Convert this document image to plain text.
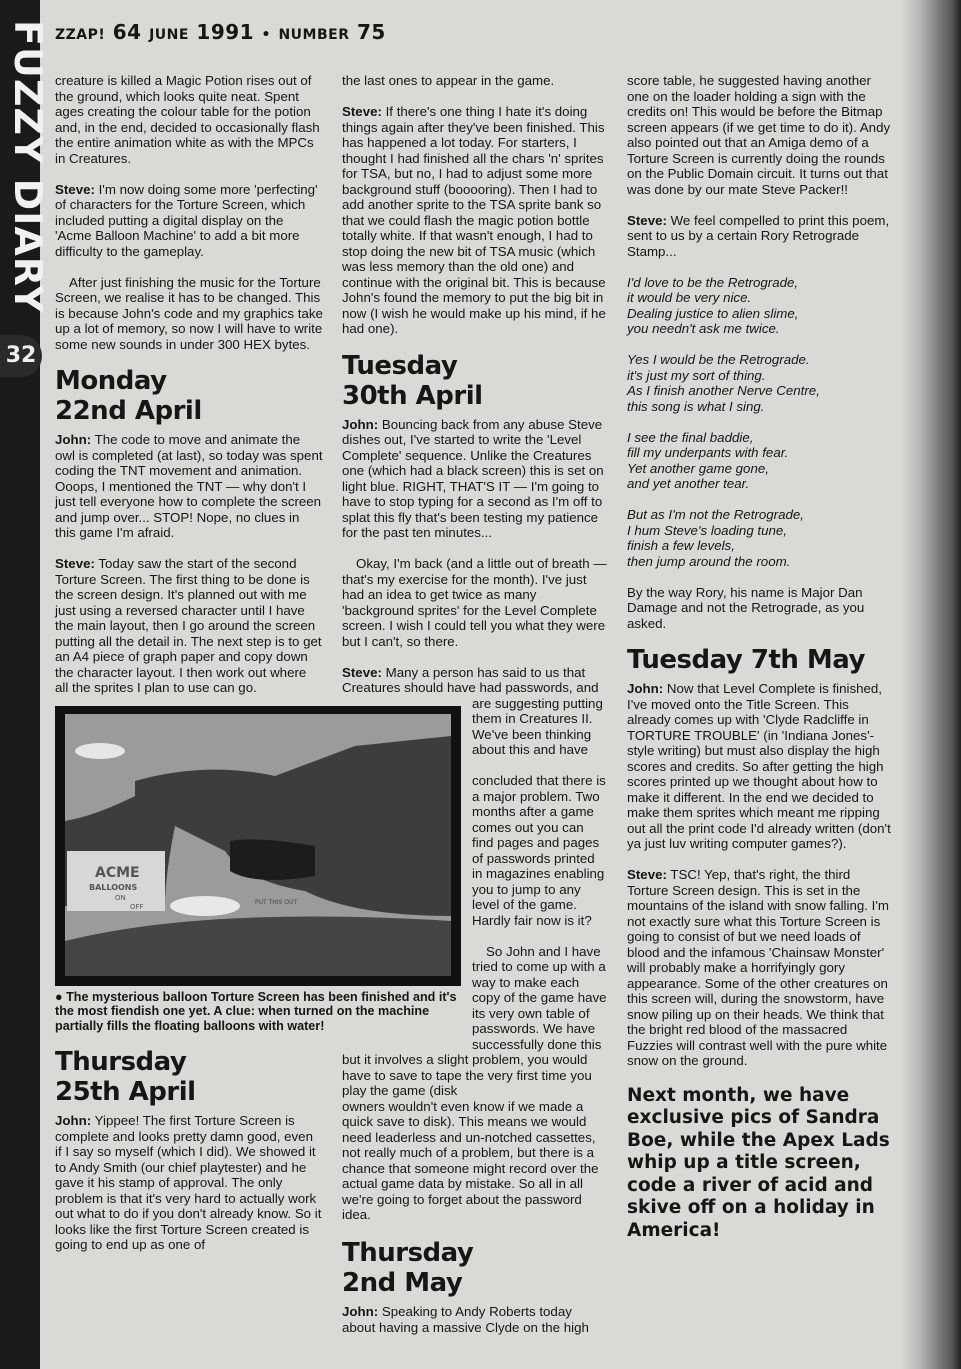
FUZZY DIARY
32
ZZAP! 64 JUNE 1991 • NUMBER 75

creature is killed a Magic Potion rises out of the ground, which looks quite neat. Spent ages creating the colour table for the potion and, in the end, decided to occasionally flash the entire animation white as with the MPCs in Creatures.

Steve: I'm now doing some more 'perfecting' of characters for the Torture Screen, which included putting a digital display on the 'Acme Balloon Machine' to add a bit more difficulty to the gameplay.

After just finishing the music for the Torture Screen, we realise it has to be changed. This is because John's code and my graphics take up a lot of memory, so now I will have to write some new sounds in under 300 HEX bytes.

Monday
22nd April

John: The code to move and animate the owl is completed (at last), so today was spent coding the TNT movement and animation. Ooops, I mentioned the TNT — why don't I just tell everyone how to complete the screen and jump over... STOP! Nope, no clues in this game I'm afraid.

Steve: Today saw the start of the second Torture Screen. The first thing to be done is the screen design. It's planned out with me just using a reversed character until I have the main layout, then I go around the screen putting all the detail in. The next step is to get an A4 piece of graph paper and copy down the character layout. I then work out where all the sprites I plan to use can go.

ACME
BALLOONS
ON
OFF
PUT THIS OUT
● The mysterious balloon Torture Screen has been finished and it's the most fiendish one yet. A clue: when turned on the machine partially fills the floating balloons with water!
Thursday
25th April

John: Yippee! The first Torture Screen is complete and looks pretty damn good, even if I say so myself (which I did). We showed it to Andy Smith (our chief playtester) and he gave it his stamp of approval. The only problem is that it's very hard to actually work out what to do if you don't already know. So it looks like the first Torture Screen created is going to end up as one of

the last ones to appear in the game.

Steve: If there's one thing I hate it's doing things again after they've been finished. This has happened a lot today. For starters, I thought I had finished all the chars 'n' sprites for TSA, but no, I had to adjust some more background stuff (booooring). Then I had to add another sprite to the TSA sprite bank so that we could flash the magic potion bottle totally white. If that wasn't enough, I had to stop doing the new bit of TSA music (which was less memory than the old one) and continue with the original bit. This is because John's found the memory to put the big bit in now (I wish he would make up his mind, if he had one).

Tuesday
30th April

John: Bouncing back from any abuse Steve dishes out, I've started to write the 'Level Complete' sequence. Unlike the Creatures one (which had a black screen) this is set on light blue. RIGHT, THAT'S IT — I'm going to have to stop typing for a second as I'm off to splat this fly that's been testing my patience for the past ten minutes...

Okay, I'm back (and a little out of breath — that's my exercise for the month). I've just had an idea to get twice as many 'background sprites' for the Level Complete screen. I wish I could tell you what they were but I can't, so there.

Steve: Many a person has said to us that Creatures should have had passwords, and are suggesting putting them in Creatures II. We've been thinking about this and have

concluded that there is a major problem. Two months after a game comes out you can find pages and pages of passwords printed in magazines enabling you to jump to any level of the game. Hardly fair now is it?

So John and I have tried to come up with a way to make each copy of the game have its very own table of passwords. We have successfully done this but it involves a slight problem, you would have to save to tape the very first time you play the game (disk

owners wouldn't even know if we made a quick save to disk). This means we would need leaderless and un-notched cassettes, not really much of a problem, but there is a chance that someone might record over the actual game data by mistake. So all in all we're going to forget about the password idea.

Thursday
2nd May

John: Speaking to Andy Roberts today about having a massive Clyde on the high

score table, he suggested having another one on the loader holding a sign with the credits on! This would be before the Bitmap screen appears (if we get time to do it). Andy also pointed out that an Amiga demo of a Torture Screen is currently doing the rounds on the Public Domain circuit. It turns out that was done by our mate Steve Packer!!

Steve: We feel compelled to print this poem, sent to us by a certain Rory Retrograde Stamp...

I'd love to be the Retrograde,
it would be very nice.
Dealing justice to alien slime,
you needn't ask me twice.

Yes I would be the Retrograde.
it's just my sort of thing.
As I finish another Nerve Centre,
this song is what I sing.

I see the final baddie,
fill my underpants with fear.
Yet another game gone,
and yet another tear.

But as I'm not the Retrograde,
I hum Steve's loading tune,
finish a few levels,
then jump around the room.

By the way Rory, his name is Major Dan Damage and not the Retrograde, as you asked.

Tuesday 7th May

John: Now that Level Complete is finished, I've moved onto the Title Screen. This already comes up with 'Clyde Radcliffe in TORTURE TROUBLE' (in 'Indiana Jones'-style writing) but must also display the high scores and credits. So after getting the high scores printed up we thought about how to make it different. In the end we decided to make them sprites which meant me ripping out all the print code I'd already written (don't ya just luv writing computer games?).

Steve: TSC! Yep, that's right, the third Torture Screen design. This is set in the mountains of the island with snow falling. I'm not exactly sure what this Torture Screen is going to consist of but we need loads of blood and the infamous 'Chainsaw Monster' will probably make a horrifyingly gory appearance. Some of the other creatures on this screen will, during the snowstorm, have snow piling up on their heads. We think that the bright red blood of the massacred Fuzzies will contrast well with the pure white snow on the ground.

Next month, we have exclusive pics of Sandra Boe, while the Apex Lads whip up a title screen, code a river of acid and skive off on a holiday in America!
